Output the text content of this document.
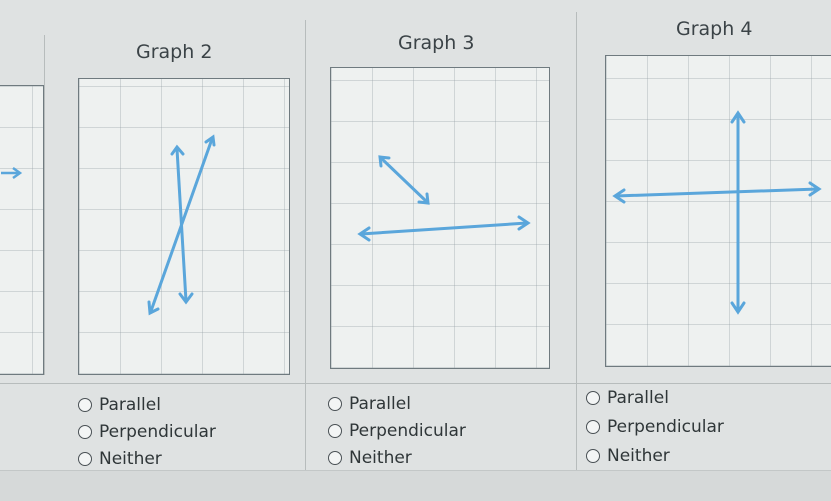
Graph 2	Graph 3
Graph 4
Parallel
Perpendicular
Neither
Parallel
Perpendicular
Neither
Parallel
Perpendicular
Neither
